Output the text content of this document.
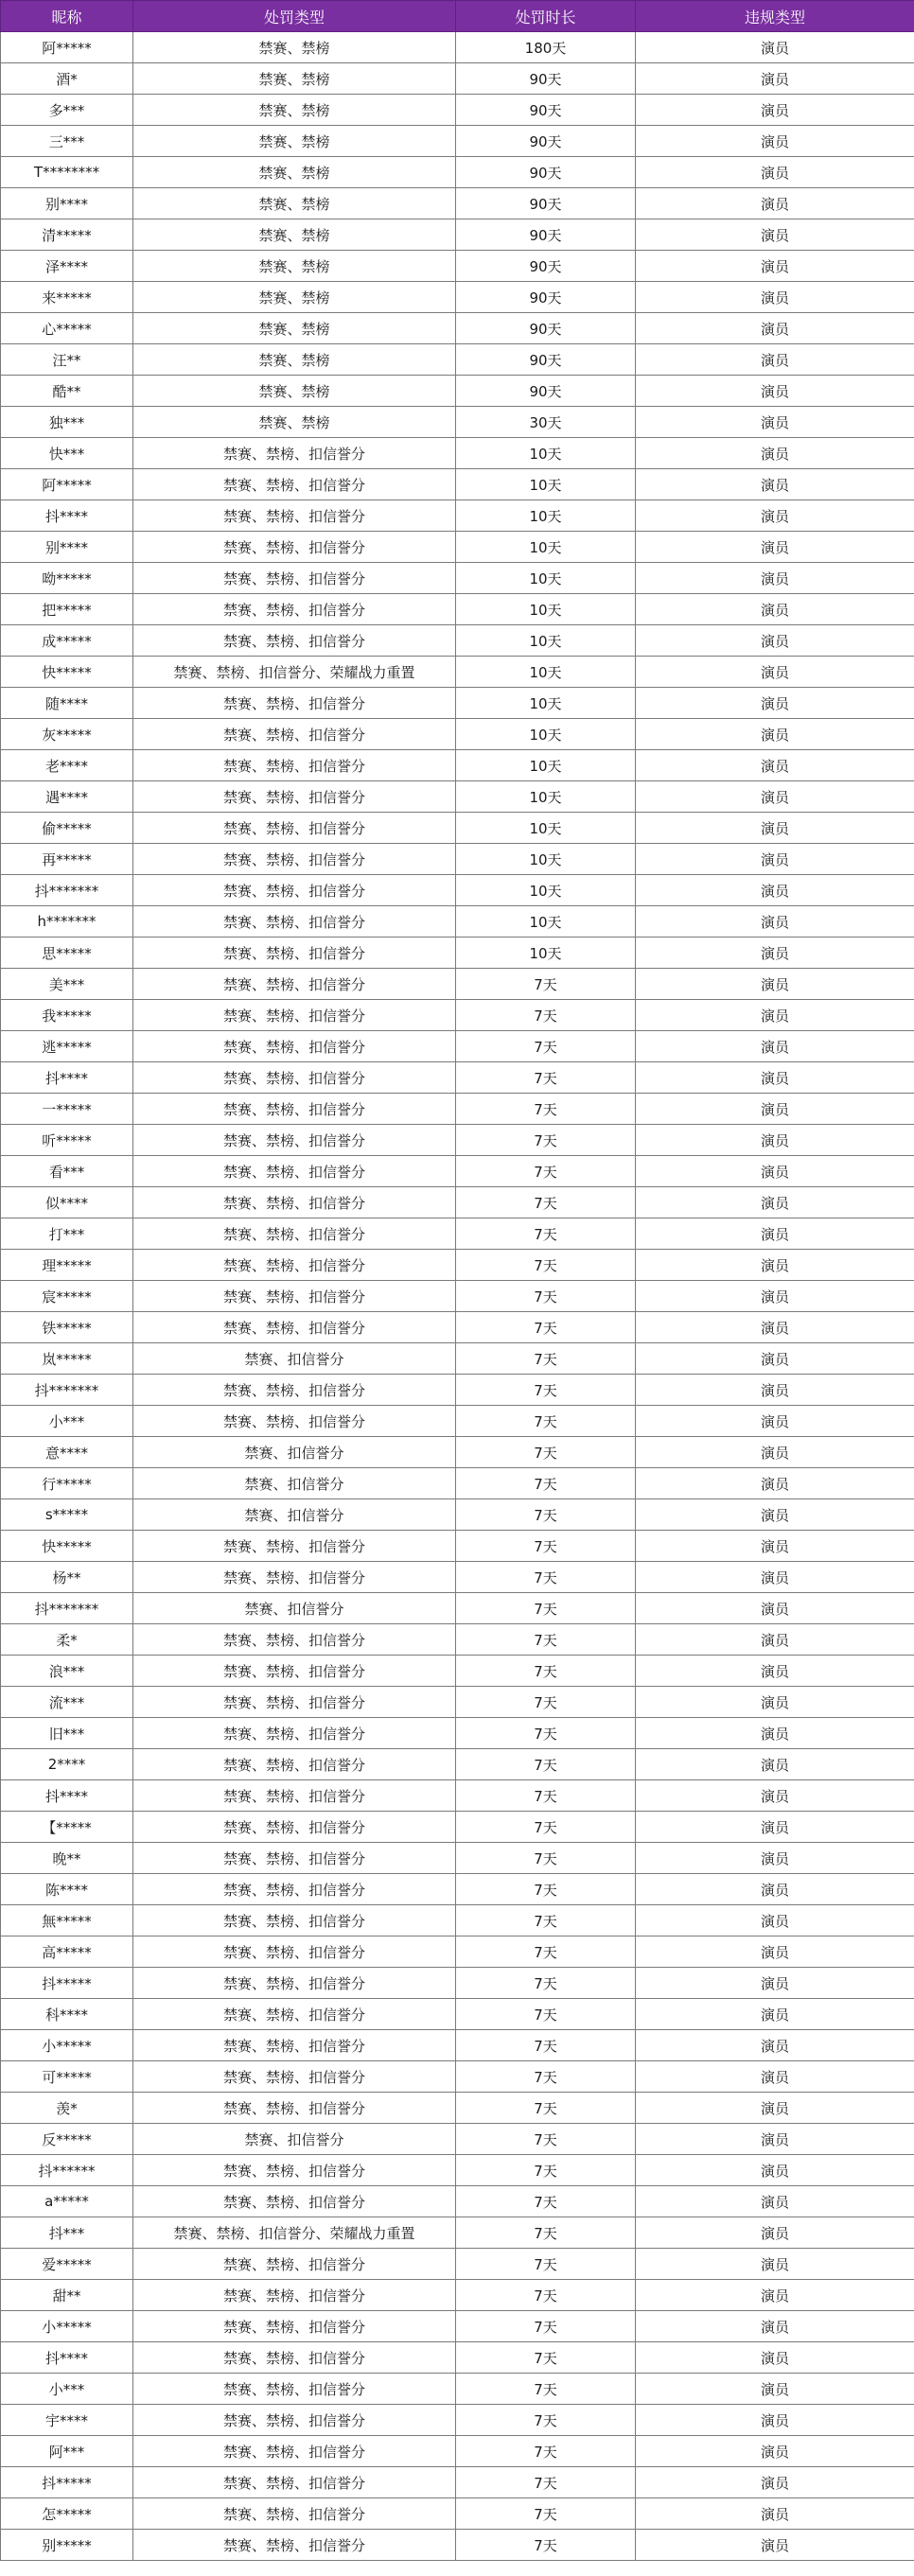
昵称	处罚类型	处罚时长	违规类型
阿*****	禁赛、禁榜	180天	演员
酒*	禁赛、禁榜	90天	演员
多***	禁赛、禁榜	90天	演员
三***	禁赛、禁榜	90天	演员
T********	禁赛、禁榜	90天	演员
别****	禁赛、禁榜	90天	演员
清*****	禁赛、禁榜	90天	演员
泽****	禁赛、禁榜	90天	演员
来*****	禁赛、禁榜	90天	演员
心*****	禁赛、禁榜	90天	演员
汪**	禁赛、禁榜	90天	演员
酷**	禁赛、禁榜	90天	演员
独***	禁赛、禁榜	30天	演员
快***	禁赛、禁榜、扣信誉分	10天	演员
阿*****	禁赛、禁榜、扣信誉分	10天	演员
抖****	禁赛、禁榜、扣信誉分	10天	演员
别****	禁赛、禁榜、扣信誉分	10天	演员
呦*****	禁赛、禁榜、扣信誉分	10天	演员
把*****	禁赛、禁榜、扣信誉分	10天	演员
成*****	禁赛、禁榜、扣信誉分	10天	演员
快*****	禁赛、禁榜、扣信誉分、荣耀战力重置	10天	演员
随****	禁赛、禁榜、扣信誉分	10天	演员
灰*****	禁赛、禁榜、扣信誉分	10天	演员
老****	禁赛、禁榜、扣信誉分	10天	演员
遇****	禁赛、禁榜、扣信誉分	10天	演员
偷*****	禁赛、禁榜、扣信誉分	10天	演员
再*****	禁赛、禁榜、扣信誉分	10天	演员
抖*******	禁赛、禁榜、扣信誉分	10天	演员
h*******	禁赛、禁榜、扣信誉分	10天	演员
思*****	禁赛、禁榜、扣信誉分	10天	演员
美***	禁赛、禁榜、扣信誉分	7天	演员
我*****	禁赛、禁榜、扣信誉分	7天	演员
逃*****	禁赛、禁榜、扣信誉分	7天	演员
抖****	禁赛、禁榜、扣信誉分	7天	演员
一*****	禁赛、禁榜、扣信誉分	7天	演员
听*****	禁赛、禁榜、扣信誉分	7天	演员
看***	禁赛、禁榜、扣信誉分	7天	演员
似****	禁赛、禁榜、扣信誉分	7天	演员
打***	禁赛、禁榜、扣信誉分	7天	演员
理*****	禁赛、禁榜、扣信誉分	7天	演员
宸*****	禁赛、禁榜、扣信誉分	7天	演员
铁*****	禁赛、禁榜、扣信誉分	7天	演员
岚*****	禁赛、扣信誉分	7天	演员
抖*******	禁赛、禁榜、扣信誉分	7天	演员
小***	禁赛、禁榜、扣信誉分	7天	演员
意****	禁赛、扣信誉分	7天	演员
行*****	禁赛、扣信誉分	7天	演员
s*****	禁赛、扣信誉分	7天	演员
快*****	禁赛、禁榜、扣信誉分	7天	演员
杨**	禁赛、禁榜、扣信誉分	7天	演员
抖*******	禁赛、扣信誉分	7天	演员
柔*	禁赛、禁榜、扣信誉分	7天	演员
浪***	禁赛、禁榜、扣信誉分	7天	演员
流***	禁赛、禁榜、扣信誉分	7天	演员
旧***	禁赛、禁榜、扣信誉分	7天	演员
2****	禁赛、禁榜、扣信誉分	7天	演员
抖****	禁赛、禁榜、扣信誉分	7天	演员
【*****	禁赛、禁榜、扣信誉分	7天	演员
晚**	禁赛、禁榜、扣信誉分	7天	演员
陈****	禁赛、禁榜、扣信誉分	7天	演员
無*****	禁赛、禁榜、扣信誉分	7天	演员
高*****	禁赛、禁榜、扣信誉分	7天	演员
抖*****	禁赛、禁榜、扣信誉分	7天	演员
科****	禁赛、禁榜、扣信誉分	7天	演员
小*****	禁赛、禁榜、扣信誉分	7天	演员
可*****	禁赛、禁榜、扣信誉分	7天	演员
羡*	禁赛、禁榜、扣信誉分	7天	演员
反*****	禁赛、扣信誉分	7天	演员
抖******	禁赛、禁榜、扣信誉分	7天	演员
a*****	禁赛、禁榜、扣信誉分	7天	演员
抖***	禁赛、禁榜、扣信誉分、荣耀战力重置	7天	演员
爱*****	禁赛、禁榜、扣信誉分	7天	演员
甜**	禁赛、禁榜、扣信誉分	7天	演员
小*****	禁赛、禁榜、扣信誉分	7天	演员
抖****	禁赛、禁榜、扣信誉分	7天	演员
小***	禁赛、禁榜、扣信誉分	7天	演员
宇****	禁赛、禁榜、扣信誉分	7天	演员
阿***	禁赛、禁榜、扣信誉分	7天	演员
抖*****	禁赛、禁榜、扣信誉分	7天	演员
怎*****	禁赛、禁榜、扣信誉分	7天	演员
别*****	禁赛、禁榜、扣信誉分	7天	演员
